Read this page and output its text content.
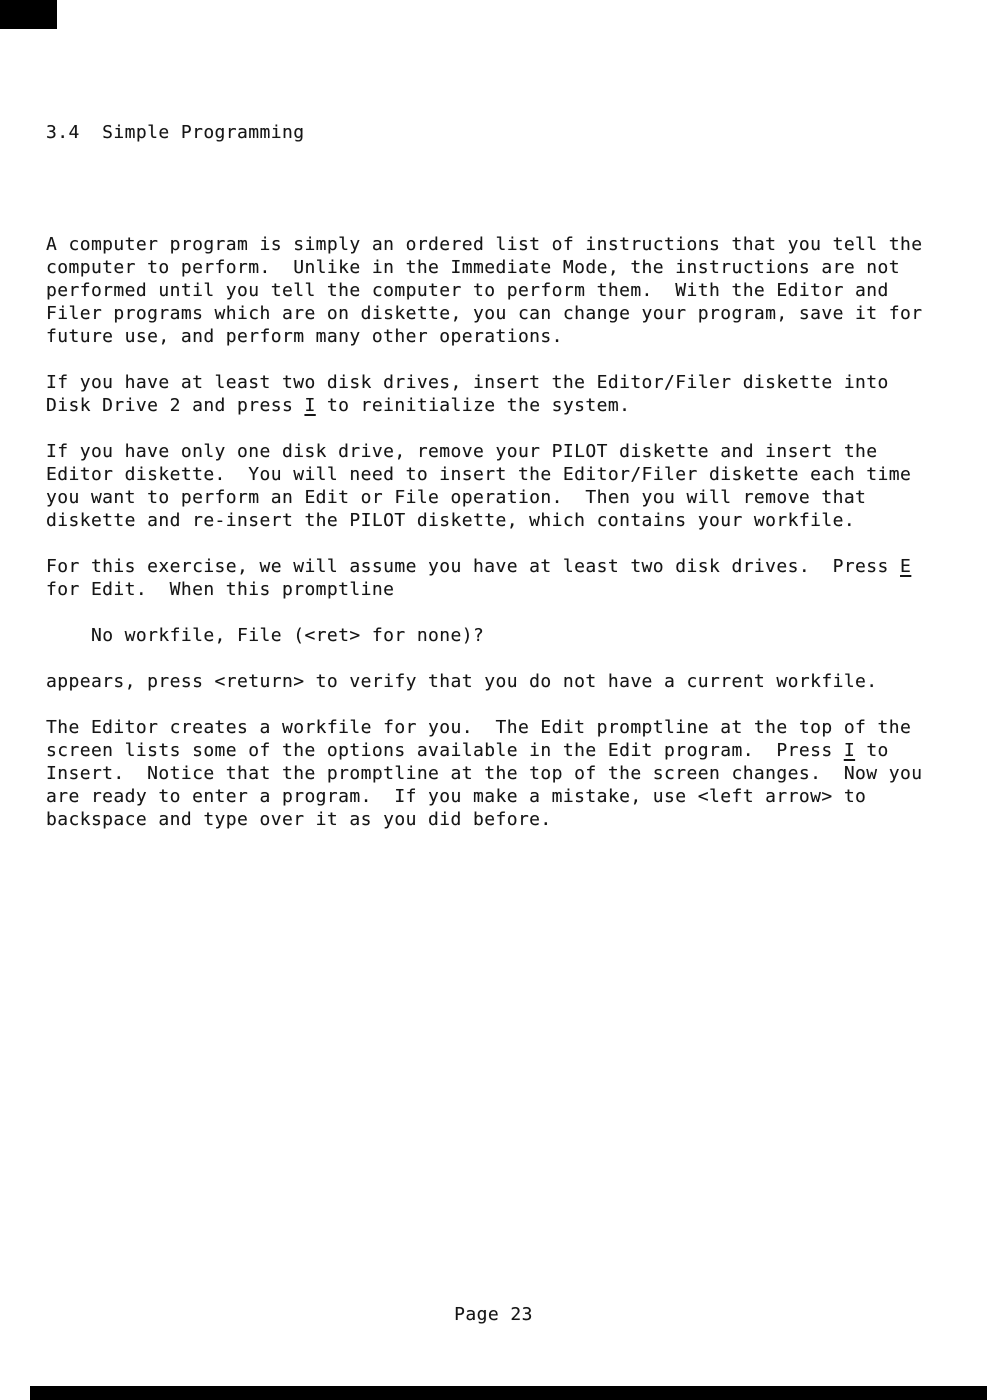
3.4  Simple Programming

A computer program is simply an ordered list of instructions that you tell the
computer to perform.  Unlike in the Immediate Mode, the instructions are not
performed until you tell the computer to perform them.  With the Editor and
Filer programs which are on diskette, you can change your program, save it for
future use, and perform many other operations.

If you have at least two disk drives, insert the Editor/Filer diskette into
Disk Drive 2 and press I to reinitialize the system.

If you have only one disk drive, remove your PILOT diskette and insert the
Editor diskette.  You will need to insert the Editor/Filer diskette each time
you want to perform an Edit or File operation.  Then you will remove that
diskette and re-insert the PILOT diskette, which contains your workfile.

For this exercise, we will assume you have at least two disk drives.  Press E
for Edit.  When this promptline

No workfile, File (<ret> for none)?

appears, press <return> to verify that you do not have a current workfile.

The Editor creates a workfile for you.  The Edit promptline at the top of the
screen lists some of the options available in the Edit program.  Press I to
Insert.  Notice that the promptline at the top of the screen changes.  Now you
are ready to enter a program.  If you make a mistake, use <left arrow> to
backspace and type over it as you did before.

Page 23
